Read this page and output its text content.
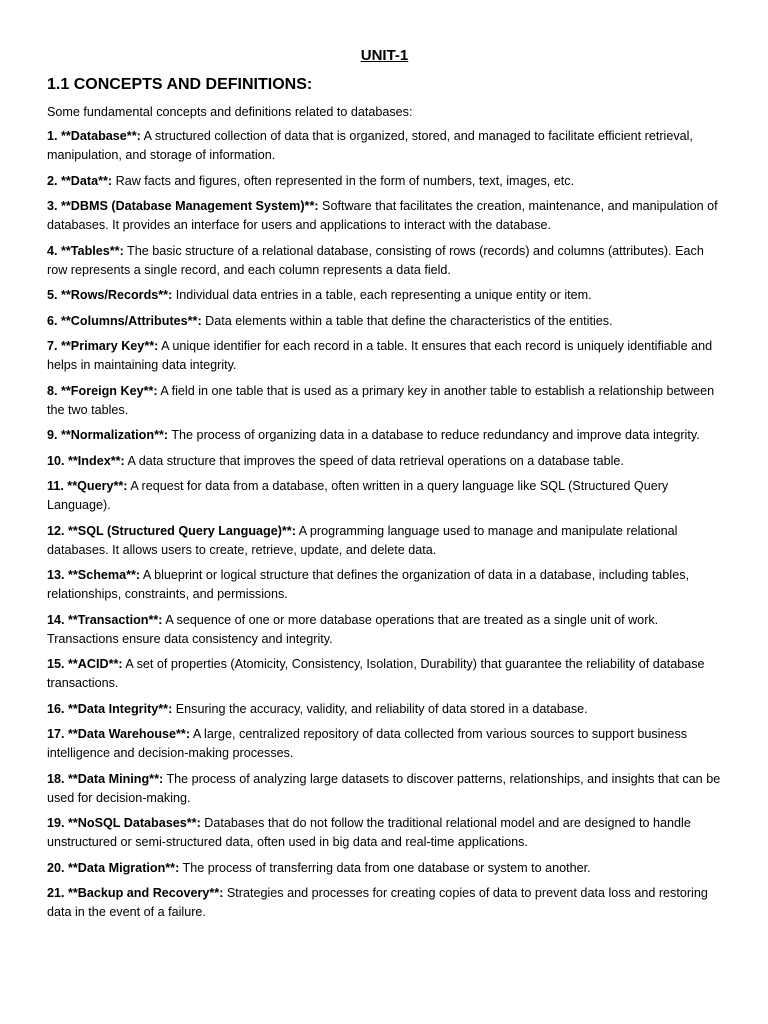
UNIT-1
1.1 CONCEPTS AND DEFINITIONS:

Some fundamental concepts and definitions related to databases:

1. **Database**: A structured collection of data that is organized, stored, and managed to facilitate efficient retrieval, manipulation, and storage of information.
2. **Data**: Raw facts and figures, often represented in the form of numbers, text, images, etc.
3. **DBMS (Database Management System)**: Software that facilitates the creation, maintenance, and manipulation of databases. It provides an interface for users and applications to interact with the database.
4. **Tables**: The basic structure of a relational database, consisting of rows (records) and columns (attributes). Each row represents a single record, and each column represents a data field.
5. **Rows/Records**: Individual data entries in a table, each representing a unique entity or item.
6. **Columns/Attributes**: Data elements within a table that define the characteristics of the entities.
7. **Primary Key**: A unique identifier for each record in a table. It ensures that each record is uniquely identifiable and helps in maintaining data integrity.
8. **Foreign Key**: A field in one table that is used as a primary key in another table to establish a relationship between the two tables.
9. **Normalization**: The process of organizing data in a database to reduce redundancy and improve data integrity.
10. **Index**: A data structure that improves the speed of data retrieval operations on a database table.
11. **Query**: A request for data from a database, often written in a query language like SQL (Structured Query Language).
12. **SQL (Structured Query Language)**: A programming language used to manage and manipulate relational databases. It allows users to create, retrieve, update, and delete data.
13. **Schema**: A blueprint or logical structure that defines the organization of data in a database, including tables, relationships, constraints, and permissions.
14. **Transaction**: A sequence of one or more database operations that are treated as a single unit of work. Transactions ensure data consistency and integrity.
15. **ACID**: A set of properties (Atomicity, Consistency, Isolation, Durability) that guarantee the reliability of database transactions.
16. **Data Integrity**: Ensuring the accuracy, validity, and reliability of data stored in a database.
17. **Data Warehouse**: A large, centralized repository of data collected from various sources to support business intelligence and decision-making processes.
18. **Data Mining**: The process of analyzing large datasets to discover patterns, relationships, and insights that can be used for decision-making.
19. **NoSQL Databases**: Databases that do not follow the traditional relational model and are designed to handle unstructured or semi-structured data, often used in big data and real-time applications.
20. **Data Migration**: The process of transferring data from one database or system to another.
21. **Backup and Recovery**: Strategies and processes for creating copies of data to prevent data loss and restoring data in the event of a failure.
